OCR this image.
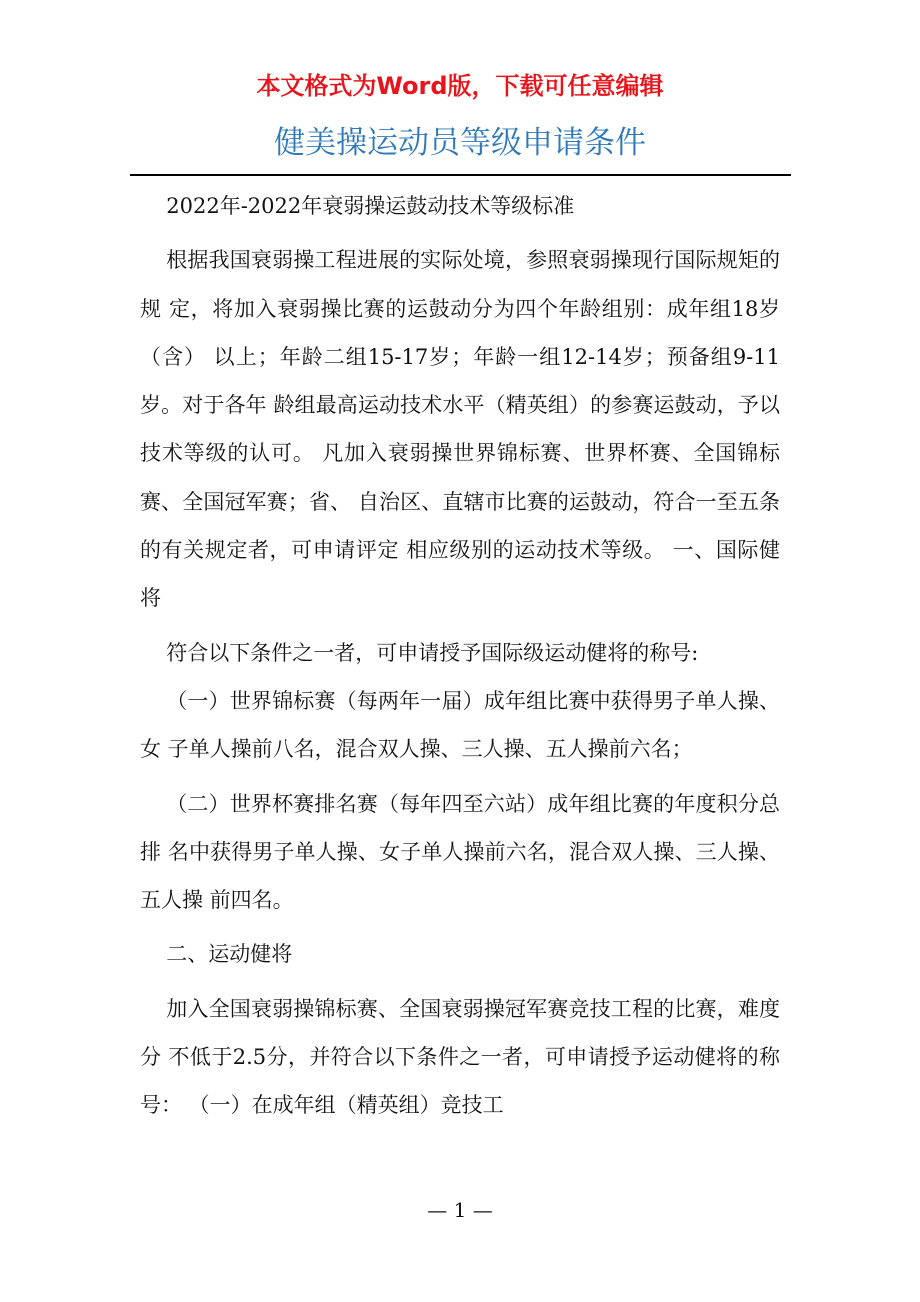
本文格式为Word版，下载可任意编辑
健美操运动员等级申请条件

2022年-2022年衰弱操运鼓动技术等级标准

根据我国衰弱操工程进展的实际处境，参照衰弱操现行国际规矩的规 定，将加入衰弱操比赛的运鼓动分为四个年龄组别：成年组18岁（含） 以上；年龄二组15-17岁；年龄一组12-14岁；预备组9-11岁。对于各年 龄组最高运动技术水平（精英组）的参赛运鼓动，予以技术等级的认可。 凡加入衰弱操世界锦标赛、世界杯赛、全国锦标赛、全国冠军赛；省、 自治区、直辖市比赛的运鼓动，符合一至五条的有关规定者，可申请评定 相应级别的运动技术等级。 一、国际健将

符合以下条件之一者，可申请授予国际级运动健将的称号:

（一）世界锦标赛（每两年一届）成年组比赛中获得男子单人操、女 子单人操前八名，混合双人操、三人操、五人操前六名；

（二）世界杯赛排名赛（每年四至六站）成年组比赛的年度积分总排 名中获得男子单人操、女子单人操前六名，混合双人操、三人操、五人操 前四名。

二、运动健将

加入全国衰弱操锦标赛、全国衰弱操冠军赛竞技工程的比赛，难度分 不低于2.5分，并符合以下条件之一者，可申请授予运动健将的称号： （一）在成年组（精英组）竞技工

— 1 —
